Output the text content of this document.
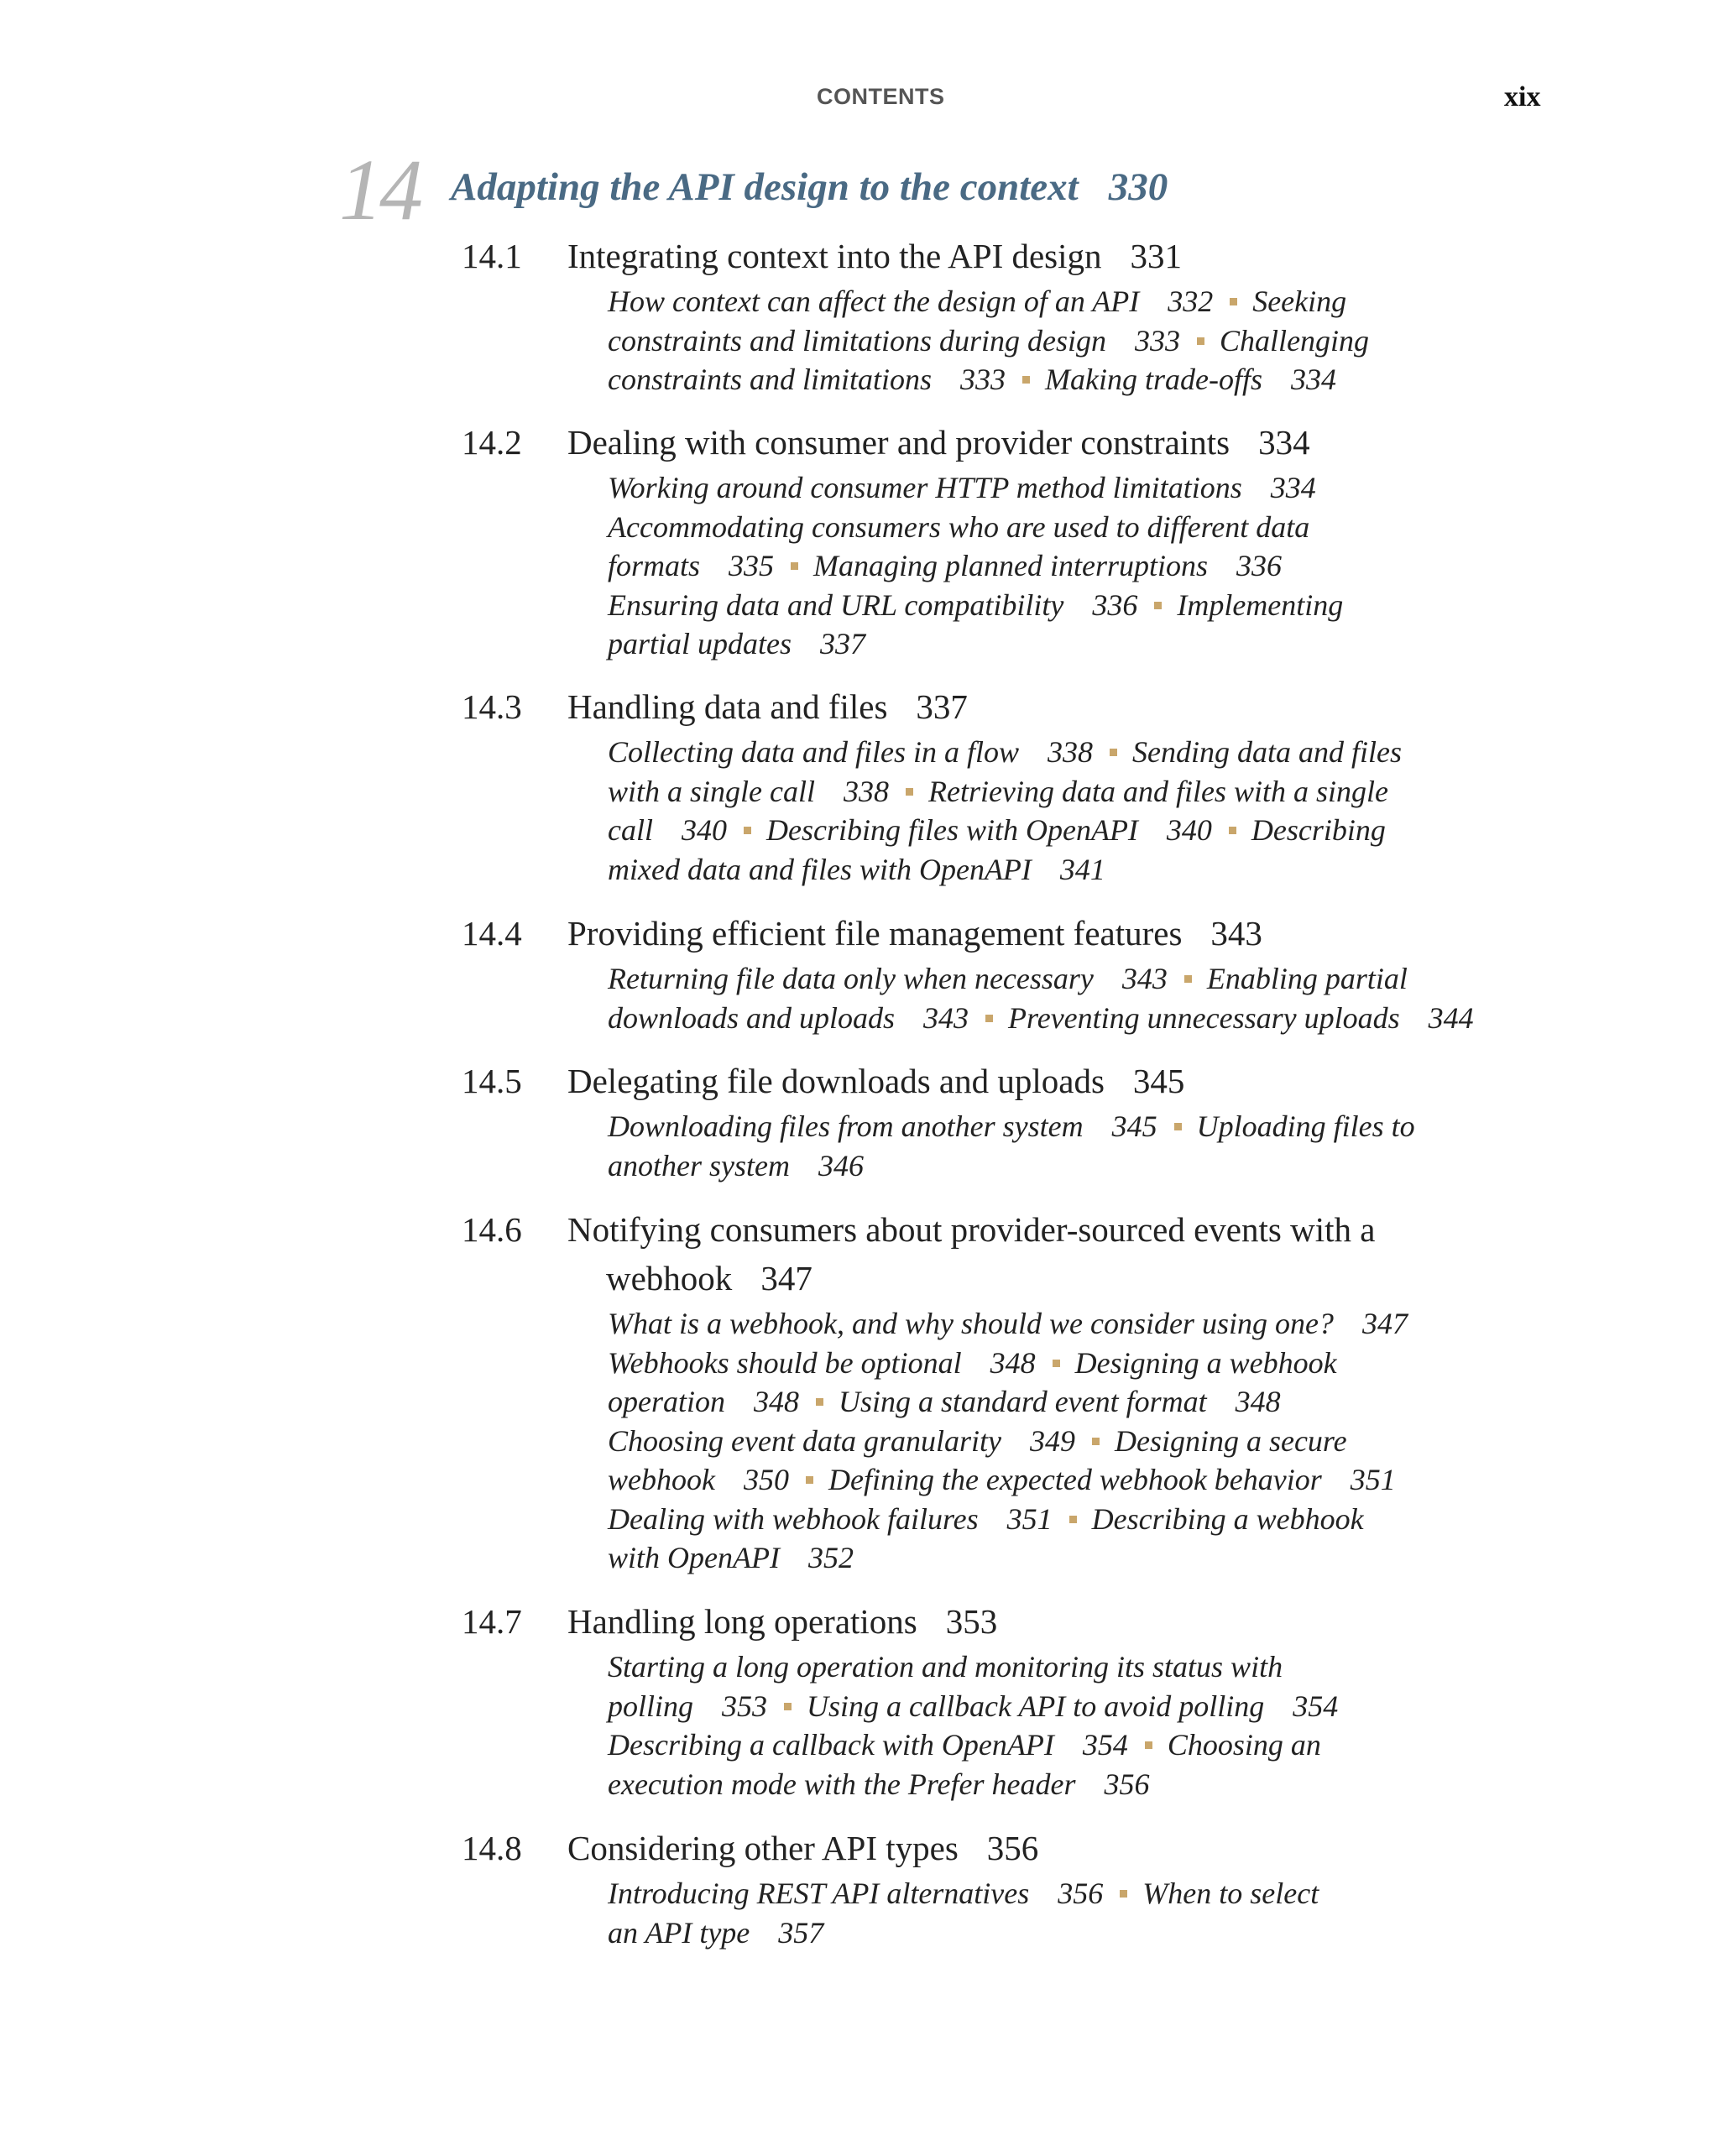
CONTENTS	xix
14 Adapting the API design to the context 330
14.1 Integrating context into the API design 331
How context can affect the design of an API 332 Seeking
constraints and limitations during design 333 Challenging
constraints and limitations 333 Making trade-offs 334
14.2 Dealing with consumer and provider constraints 334
Working around consumer HTTP method limitations 334
Accommodating consumers who are used to different data
formats 335 Managing planned interruptions 336
Ensuring data and URL compatibility 336 Implementing
partial updates 337
14.3 Handling data and files 337
Collecting data and files in a flow 338 Sending data and files
with a single call 338 Retrieving data and files with a single
call 340 Describing files with OpenAPI 340 Describing
mixed data and files with OpenAPI 341
14.4 Providing efficient file management features 343
Returning file data only when necessary 343 Enabling partial
downloads and uploads 343 Preventing unnecessary uploads 344
14.5 Delegating file downloads and uploads 345
Downloading files from another system 345 Uploading files to
another system 346
14.6 Notifying consumers about provider-sourced events with a
webhook 347
What is a webhook, and why should we consider using one? 347
Webhooks should be optional 348 Designing a webhook
operation 348 Using a standard event format 348
Choosing event data granularity 349 Designing a secure
webhook 350 Defining the expected webhook behavior 351
Dealing with webhook failures 351 Describing a webhook
with OpenAPI 352
14.7 Handling long operations 353
Starting a long operation and monitoring its status with
polling 353 Using a callback API to avoid polling 354
Describing a callback with OpenAPI 354 Choosing an
execution mode with the Prefer header 356
14.8 Considering other API types 356
Introducing REST API alternatives 356 When to select
an API type 357
